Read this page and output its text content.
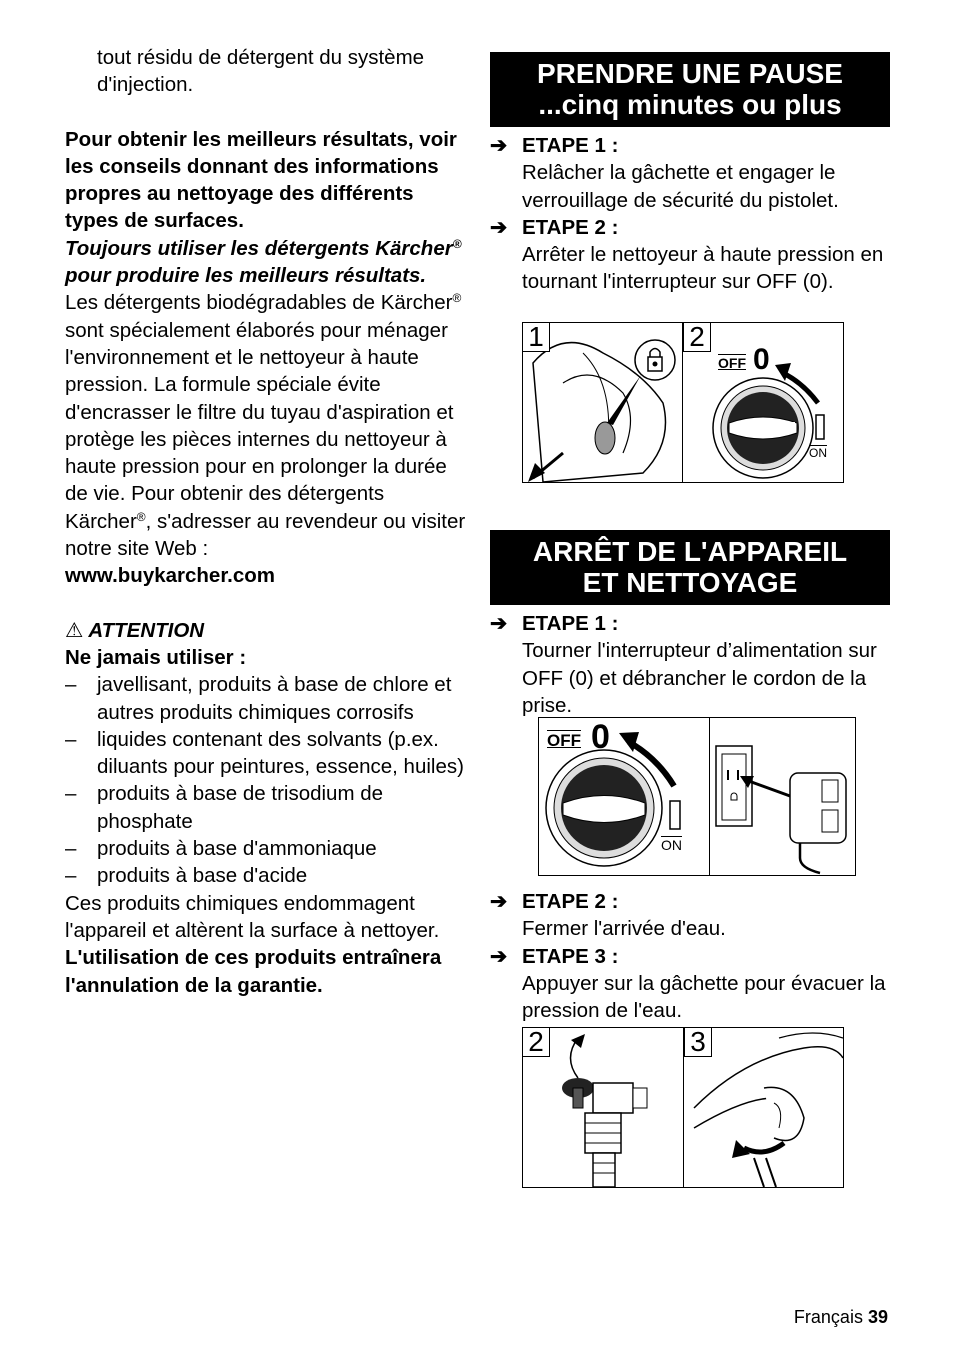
tout résidu de détergent du système d'injection.

Pour obtenir les meilleurs résultats, voir les conseils donnant des informations propres au nettoyage des différents types de surfaces.

Toujours utiliser les détergents Kärcher® pour produire les meilleurs résultats.

Les détergents biodégradables de Kärcher® sont spécialement élaborés pour ménager l'environnement et le nettoyeur à haute pression. La formule spéciale évite d'encrasser le filtre du tuyau d'aspiration et protège les pièces internes du nettoyeur à haute pression pour en prolonger la durée de vie. Pour obtenir des détergents Kärcher®, s'adresser au revendeur ou visiter notre site Web :

www.buykarcher.com

⚠ ATTENTION

Ne jamais utiliser :

– javellisant, produits à base de chlore et autres produits chimiques corrosifs
– liquides contenant des solvants (p.ex. diluants pour peintures, essence, huiles)
– produits à base de trisodium de phosphate
– produits à base d'ammoniaque
– produits à base d'acide

Ces produits chimiques endommagent l'appareil et altèrent la surface à nettoyer.

L'utilisation de ces produits entraînera l'annulation de la garantie.

PRENDRE UNE PAUSE
...cinq minutes ou plus
➔ ETAPE 1 :
Relâcher la gâchette et engager le verrouillage de sécurité du pistolet.
➔ ETAPE 2 :
Arrêter le nettoyeur à haute pression en tournant l'interrupteur sur OFF (0).
ARRÊT DE L'APPAREIL
ET NETTOYAGE
➔ ETAPE 1 :
Tourner l'interrupteur d’alimentation sur OFF (0) et débrancher le cordon de la prise.
➔ ETAPE 2 :
Fermer l'arrivée d'eau.
➔ ETAPE 3 :
Appuyer sur la gâchette pour évacuer la pression de l'eau.
1
OFF 0
$\overline{ON}$
2
OFF 0
$\overline{ON}$
2	3
Français 39
